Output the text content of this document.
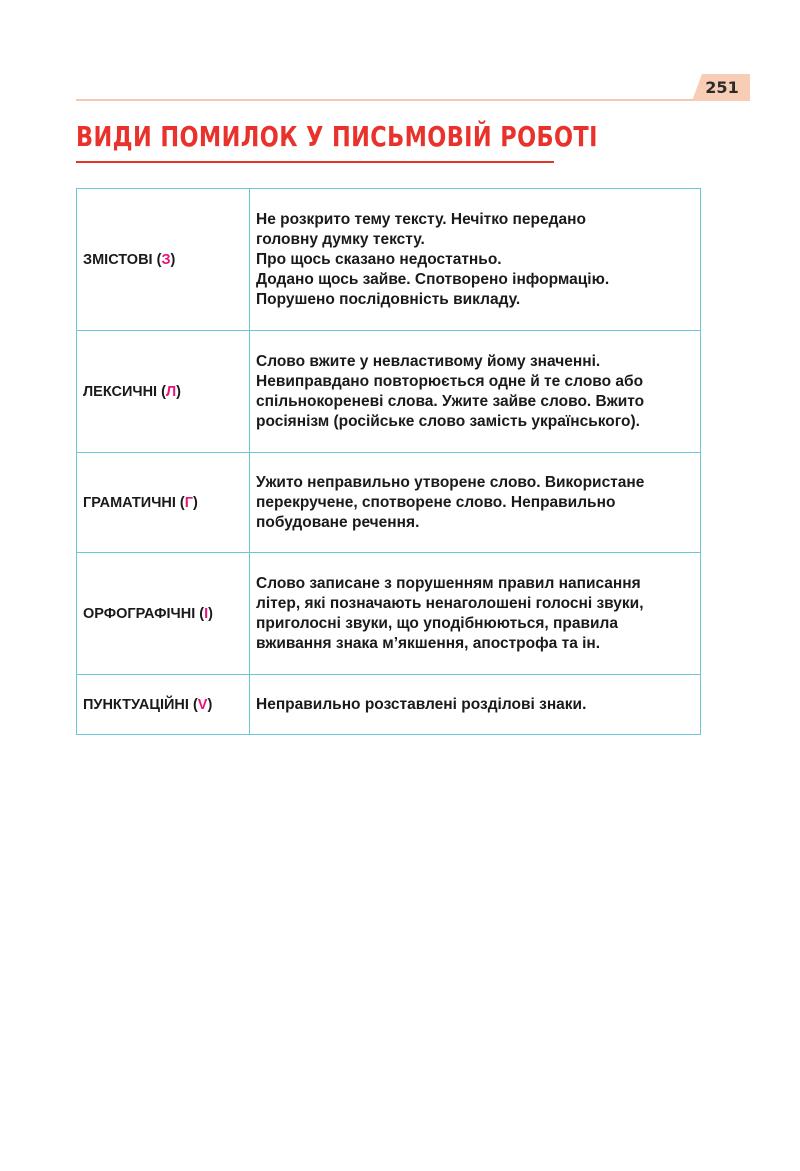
251
ВИДИ ПОМИЛОК У ПИСЬМОВІЙ РОБОТІ
ЗМІСТОВІ (З)	Не розкрито тему тексту. Нечітко передано
головну думку тексту.
Про щось сказано недостатньо.
Додано щось зайве. Спотворено інформацію.
Порушено послідовність викладу.

ЛЕКСИЧНІ (Л)	Слово вжите у невластивому йому значенні.
Невиправдано повторюється одне й те слово або
спільнокореневі слова. Ужите зайве слово. Вжито
росіянізм (російське слово замість українського).

ГРАМАТИЧНІ (Г)	Ужито неправильно утворене слово. Використане
перекручене, спотворене слово. Неправильно
побудоване речення.

ОРФОГРАФІЧНІ (І)	Слово записане з порушенням правил написання
літер, які позначають ненаголошені голосні звуки,
приголосні звуки, що уподібнюються, правила
вживання знака м’якшення, апострофа та ін.

ПУНКТУАЦІЙНІ (V)	Неправильно розставлені розділові знаки.
